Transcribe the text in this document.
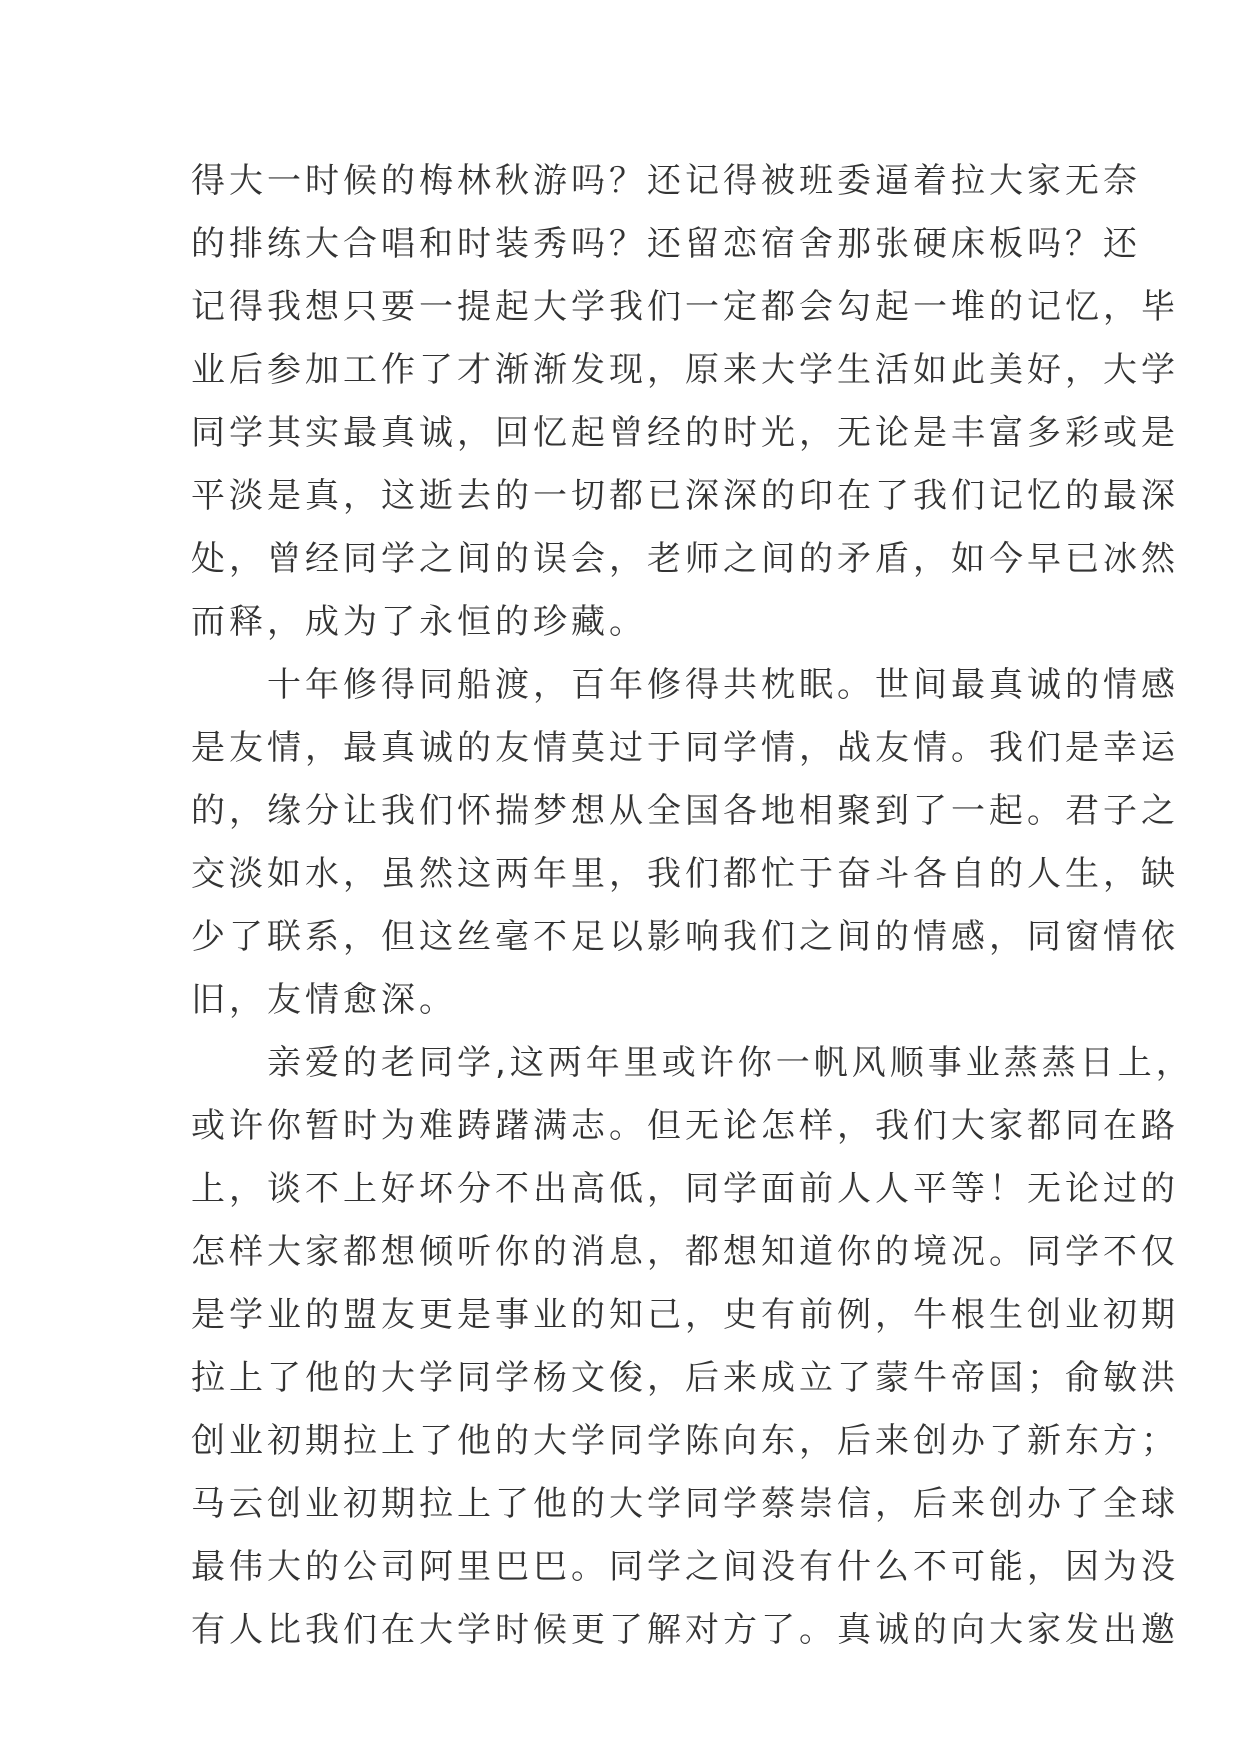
得大一时候的梅林秋游吗？还记得被班委逼着拉大家无奈
的排练大合唱和时装秀吗？还留恋宿舍那张硬床板吗？还
记得我想只要一提起大学我们一定都会勾起一堆的记忆，毕
业后参加工作了才渐渐发现，原来大学生活如此美好，大学
同学其实最真诚，回忆起曾经的时光，无论是丰富多彩或是
平淡是真，这逝去的一切都已深深的印在了我们记忆的最深
处，曾经同学之间的误会，老师之间的矛盾，如今早已冰然
而释，成为了永恒的珍藏。
　　十年修得同船渡，百年修得共枕眠。世间最真诚的情感
是友情，最真诚的友情莫过于同学情，战友情。我们是幸运
的，缘分让我们怀揣梦想从全国各地相聚到了一起。君子之
交淡如水，虽然这两年里，我们都忙于奋斗各自的人生，缺
少了联系，但这丝毫不足以影响我们之间的情感，同窗情依
旧，友情愈深。
　　亲爱的老同学,这两年里或许你一帆风顺事业蒸蒸日上，
或许你暂时为难踌躇满志。但无论怎样，我们大家都同在路
上，谈不上好坏分不出高低，同学面前人人平等！无论过的
怎样大家都想倾听你的消息，都想知道你的境况。同学不仅
是学业的盟友更是事业的知己，史有前例，牛根生创业初期
拉上了他的大学同学杨文俊，后来成立了蒙牛帝国；俞敏洪
创业初期拉上了他的大学同学陈向东，后来创办了新东方；
马云创业初期拉上了他的大学同学蔡崇信，后来创办了全球
最伟大的公司阿里巴巴。同学之间没有什么不可能，因为没
有人比我们在大学时候更了解对方了。真诚的向大家发出邀
